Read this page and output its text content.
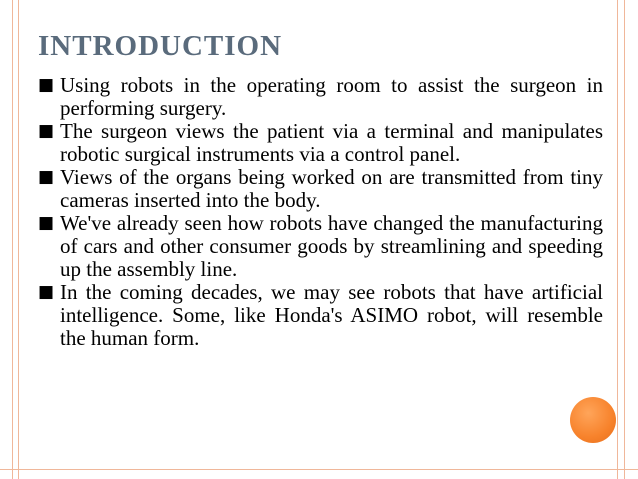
INTRODUCTION
■ Using robots in the operating room to assist the surgeon in performing surgery.
■ The surgeon views the patient via a terminal and manipulates robotic surgical instruments via a control panel.
■ Views of the organs being worked on are transmitted from tiny cameras inserted into the body.
■ We've already seen how robots have changed the manufacturing of cars and other consumer goods by streamlining and speeding up the assembly line.
■ In the coming decades, we may see robots that have artificial intelligence. Some, like Honda's ASIMO robot, will resemble the human form.
